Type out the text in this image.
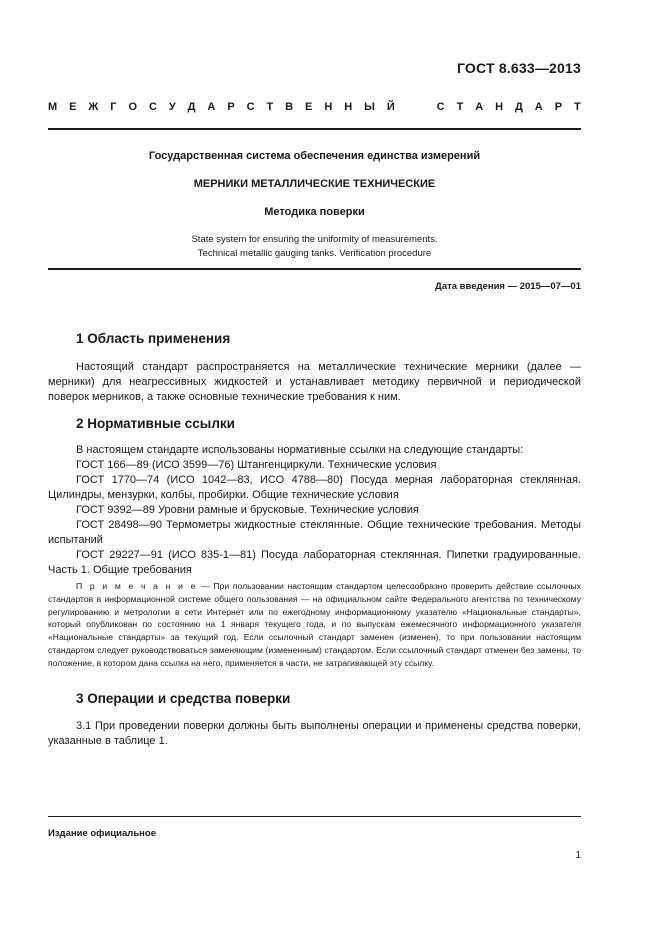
ГОСТ 8.633—2013
М Е Ж Г О С У Д А Р С Т В Е Н Н Ы Й

	С Т А Н Д А Р Т
Государственная система обеспечения единства измерений
МЕРНИКИ МЕТАЛЛИЧЕСКИЕ ТЕХНИЧЕСКИЕ
Методика поверки
State system for ensuring the uniformity of measurements.
Technical metallic gauging tanks. Verification procedure
Дата введения — 2015—07—01
1 Область применения

Настоящий стандарт распространяется на металлические технические мерники (далее — мерники) для неагрессивных жидкостей и устанавливает методику первичной и периодической поверок мерников, а также основные технические требования к ним.

2 Нормативные ссылки

В настоящем стандарте использованы нормативные ссылки на следующие стандарты:

ГОСТ 166—89 (ИСО 3599—76) Штангенциркули. Технические условия

ГОСТ 1770—74 (ИСО 1042—83, ИСО 4788—80) Посуда мерная лабораторная стеклянная. Цилиндры, мензурки, колбы, пробирки. Общие технические условия

ГОСТ 9392—89 Уровни рамные и брусковые. Технические условия

ГОСТ 28498—90 Термометры жидкостные стеклянные. Общие технические требования. Методы испытаний

ГОСТ 29227—91 (ИСО 835-1—81) Посуда лабораторная стеклянная. Пипетки градуированные. Часть 1. Общие требования

П р и м е ч а н и е — При пользовании настоящим стандартом целесообразно проверить действие ссылочных стандартов в информационной системе общего пользования — на официальном сайте Федерального агентства по техническому регулированию и метрологии в сети Интернет или по ежегодному информационному указателю «Национальные стандарты», который опубликован по состоянию на 1 января текущего года, и по выпускам ежемесячного информационного указателя «Национальные стандарты» за текущий год. Если ссылочный стандарт заменен (изменен), то при пользовании настоящим стандартом следует руководствоваться заменяющим (измененным) стандартом. Если ссылочный стандарт отменен без замены, то положение, в котором дана ссылка на него, применяется в части, не затрагивающей эту ссылку.

3 Операции и средства поверки

3.1 При проведении поверки должны быть выполнены операции и применены средства поверки, указанные в таблице 1.

Издание официальное
1
